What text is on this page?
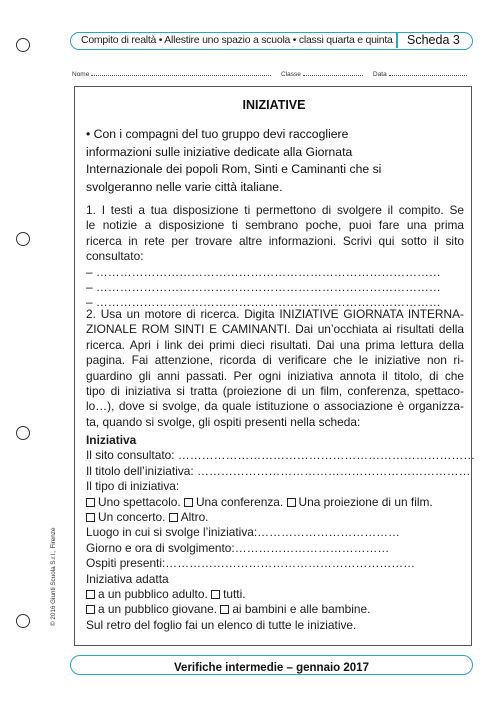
Compito di realtà • Allestire uno spazio a scuola • classi quarta e quinta Scheda 3
Nome	Classe	Data
INIZIATIVE
• Con i compagni del tuo gruppo devi raccogliere
informazioni sulle iniziative dedicate alla Giornata
Internazionale dei popoli Rom, Sinti e Caminanti che si
svolgeranno nelle varie città italiane.
1. I testi a tua disposizione ti permettono di svolgere il compito. Se
le notizie a disposizione ti sembrano poche, puoi fare una prima
ricerca in rete per trovare altre informazioni. Scrivi qui sotto il sito
consultato:
– ……………………………………………………………………………
– ……………………………………………………………………………
– ……………………………………………………………………………
2. Usa un motore di ricerca. Digita INIZIATIVE GIORNATA INTERNA-
ZIONALE ROM SINTI E CAMINANTI. Dai un’occhiata ai risultati della
ricerca. Apri i link dei primi dieci risultati. Dai una prima lettura della
pagina. Fai attenzione, ricorda di verificare che le iniziative non ri-
guardino gli anni passati. Per ogni iniziativa annota il titolo, di che
tipo di iniziativa si tratta (proiezione di un film, conferenza, spettaco-
lo…), dove si svolge, da quale istituzione o associazione è organizza-
ta, quando si svolge, gli ospiti presenti nella scheda:
Iniziativa
Il sito consultato: …………………………………………………………………
Il titolo dell’iniziativa: ……………………………………………………………
Il tipo di iniziativa:
Uno spettacolo. Una conferenza. Una proiezione di un film.
Un concerto. Altro.
Luogo in cui si svolge l’iniziativa:………………………………
Giorno e ora di svolgimento:…………………………………
Ospiti presenti:………………………………………………………
Iniziativa adatta
a un pubblico adulto. tutti.
a un pubblico giovane. ai bambini e alle bambine.
Sul retro del foglio fai un elenco di tutte le iniziative.
© 2016 Giunti Scuola S.r.l., Firenze
Verifiche intermedie – gennaio 2017
